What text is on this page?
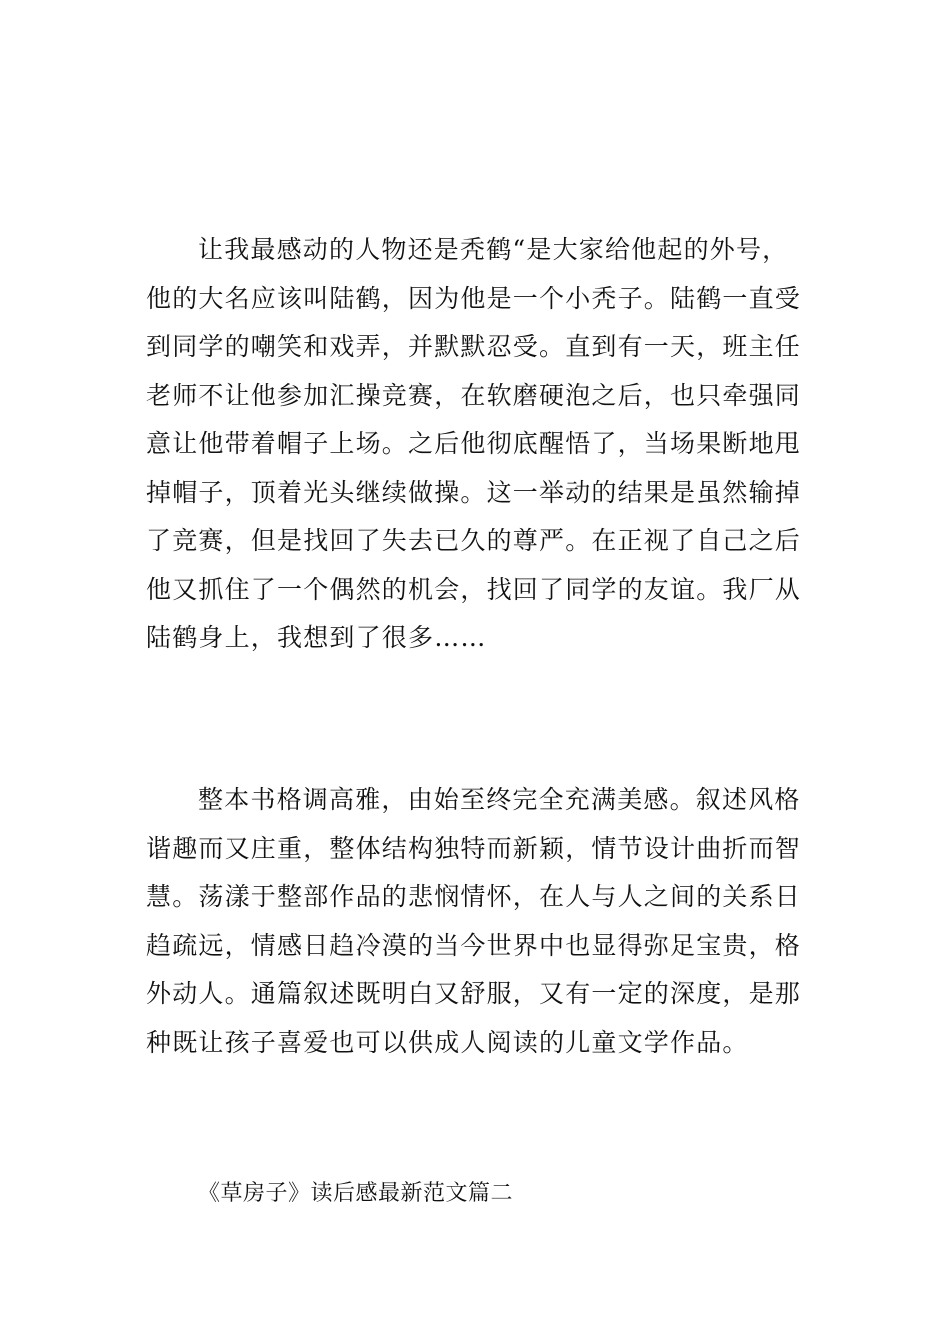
让我最感动的人物还是秃鹤“是大家给他起的外号，
他的大名应该叫陆鹤，因为他是一个小秃子。陆鹤一直受
到同学的嘲笑和戏弄，并默默忍受。直到有一天，班主任
老师不让他参加汇操竞赛，在软磨硬泡之后，也只牵强同
意让他带着帽子上场。之后他彻底醒悟了，当场果断地甩
掉帽子，顶着光头继续做操。这一举动的结果是虽然输掉
了竞赛，但是找回了失去已久的尊严。在正视了自己之后
他又抓住了一个偶然的机会，找回了同学的友谊。我厂从
陆鹤身上，我想到了很多……

整本书格调高雅，由始至终完全充满美感。叙述风格
谐趣而又庄重，整体结构独特而新颖，情节设计曲折而智
慧。荡漾于整部作品的悲悯情怀，在人与人之间的关系日
趋疏远，情感日趋冷漠的当今世界中也显得弥足宝贵，格
外动人。通篇叙述既明白又舒服，又有一定的深度，是那
种既让孩子喜爱也可以供成人阅读的儿童文学作品。

《草房子》读后感最新范文篇二
